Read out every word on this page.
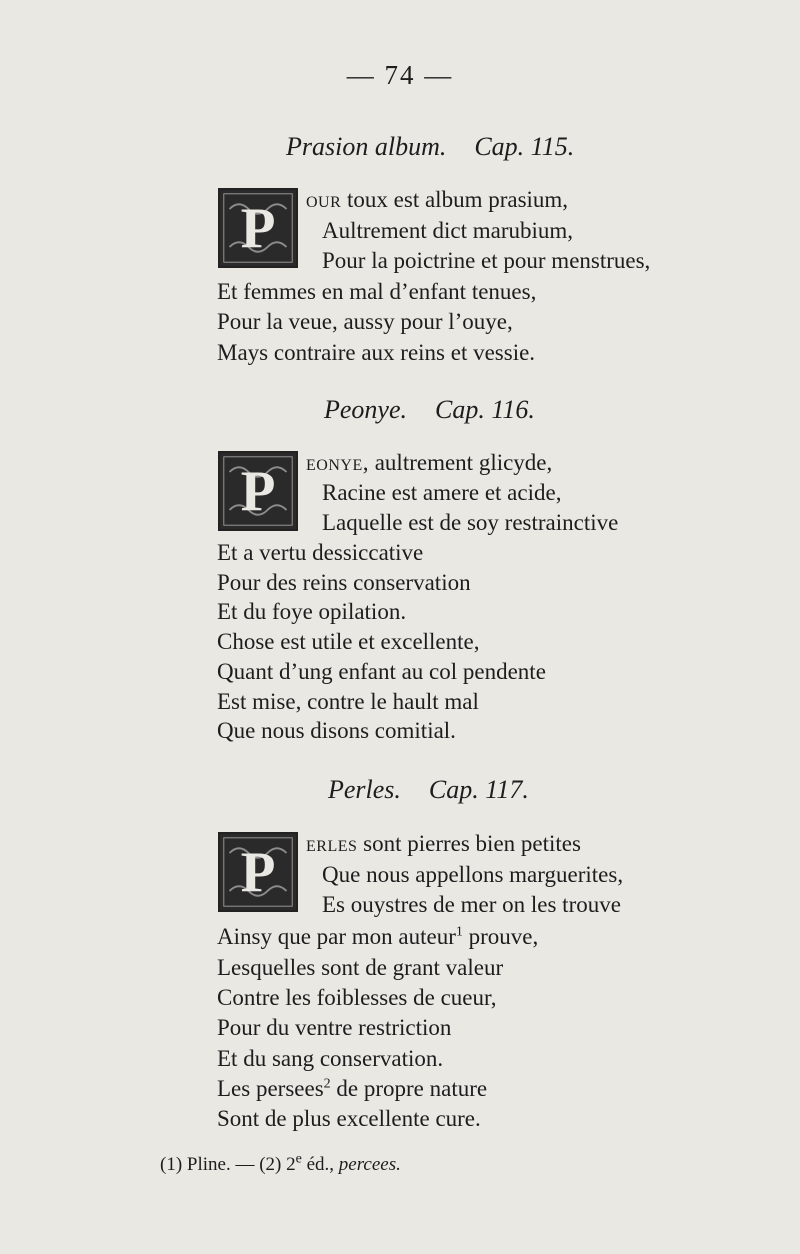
— 74 —
Prasion album. Cap. 115.
P our toux est album prasium,
Aultrement dict marubium,
Pour la poictrine et pour menstrues,
Et femmes en mal d’enfant tenues,
Pour la veue, aussy pour l’ouye,
Mays contraire aux reins et vessie.
Peonye. Cap. 116.
P eonye, aultrement glicyde,
Racine est amere et acide,
Laquelle est de soy restrainctive
Et a vertu dessiccative
Pour des reins conservation
Et du foye opilation.
Chose est utile et excellente,
Quant d’ung enfant au col pendente
Est mise, contre le hault mal
Que nous disons comitial.
Perles. Cap. 117.
P erles sont pierres bien petites
Que nous appellons marguerites,
Es ouystres de mer on les trouve
Ainsy que par mon auteur$^1$ prouve,
Lesquelles sont de grant valeur
Contre les foiblesses de cueur,
Pour du ventre restriction
Et du sang conservation.
Les persees$^2$ de propre nature
Sont de plus excellente cure.
(1) Pline. — (2) 2e éd., percees.
